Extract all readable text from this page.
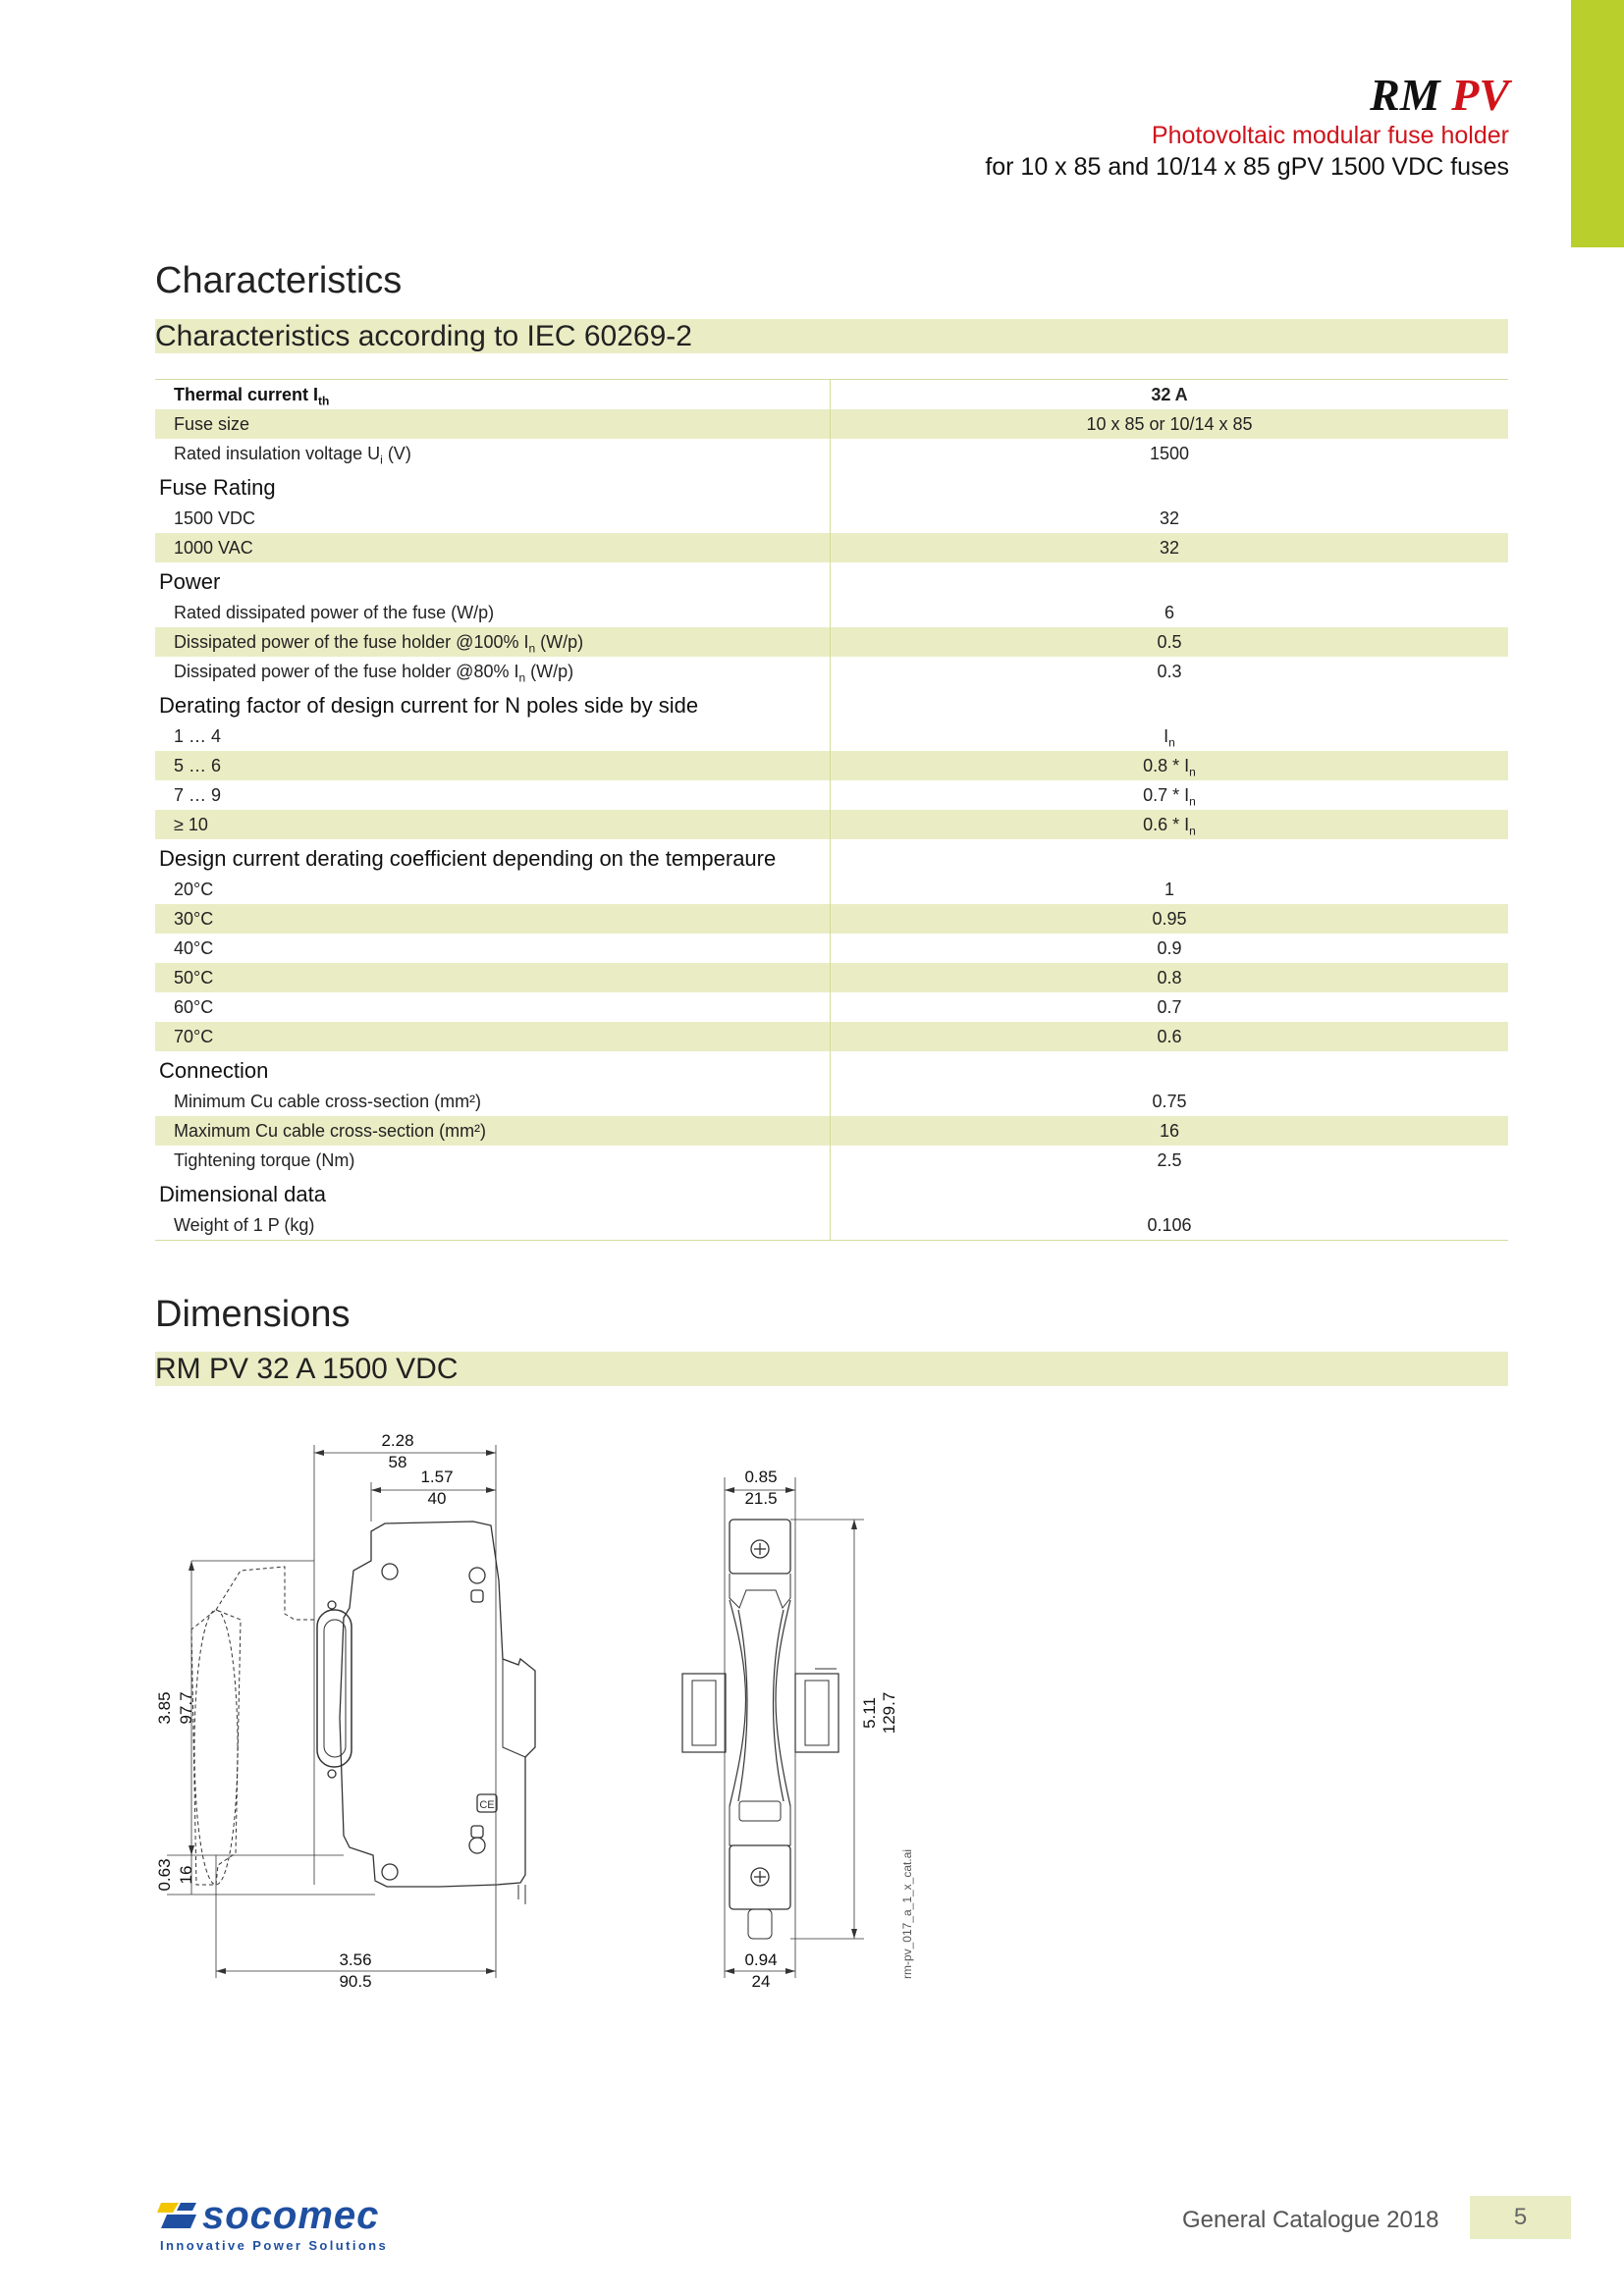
RM PV
Photovoltaic modular fuse holder
for 10 x 85 and 10/14 x 85 gPV 1500 VDC fuses
Characteristics
Characteristics according to IEC 60269-2
Thermal current $I_{th}$	32 A
Fuse size	10 x 85 or 10/14 x 85
Rated insulation voltage $U_i$ (V)	1500
Fuse Rating
1500 VDC	32
1000 VAC	32
Power
Rated dissipated power of the fuse (W/p)	6
Dissipated power of the fuse holder @100% $I_n$ (W/p)	0.5
Dissipated power of the fuse holder @80% $I_n$ (W/p)	0.3
Derating factor of design current for N poles side by side
1 … 4	$I_n$
5 … 6	$0.8 * I_n$
7 … 9	$0.7 * I_n$
≥ 10	$0.6 * I_n$
Design current derating coefficient depending on the temperaure
20°C	1
30°C	0.95
40°C	0.9
50°C	0.8
60°C	0.7
70°C	0.6
Connection
Minimum Cu cable cross-section (mm²)	0.75
Maximum Cu cable cross-section (mm²)	16
Tightening torque (Nm)	2.5
Dimensional data
Weight of 1 P (kg)	0.106
Dimensions
RM PV 32 A 1500 VDC
2.28
58
1.57
40
CE
3.85 97.7
0.63 16
3.56
90.5
0.85
21.5
5.11 129.7
0.94
24
rm-pv_017_a_1_x_cat.ai
socomec
Innovative Power Solutions
General Catalogue 2018	5
